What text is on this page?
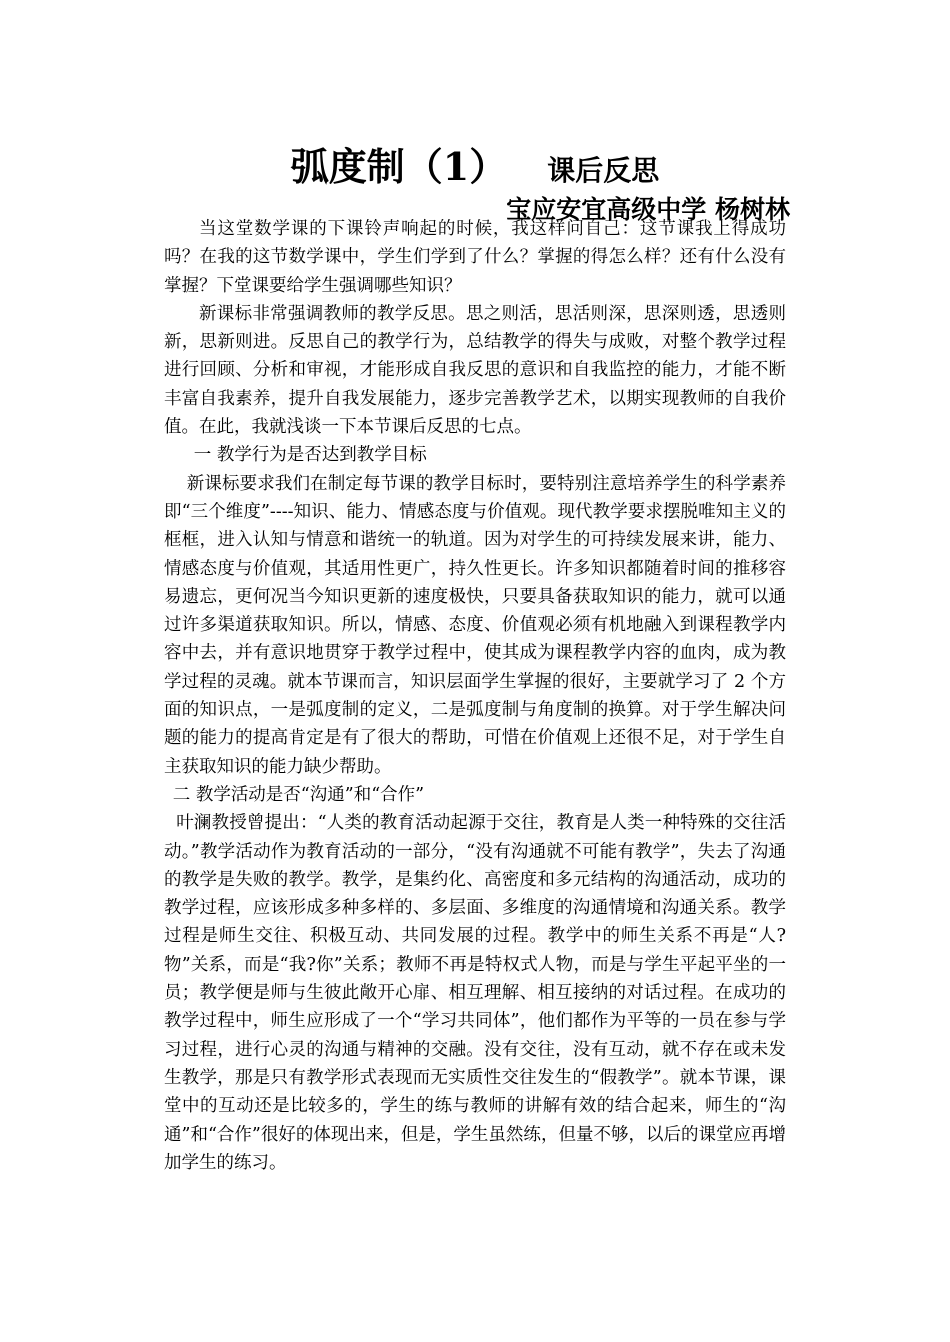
弧度制（1） 课后反思
宝应安宜高级中学 杨树林

当这堂数学课的下课铃声响起的时候，我这样问自己：这节课我上得成功吗？在我的这节数学课中，学生们学到了什么？掌握的得怎么样？还有什么没有掌握？下堂课要给学生强调哪些知识？

新课标非常强调教师的教学反思。思之则活，思活则深，思深则透，思透则新，思新则进。反思自己的教学行为，总结教学的得失与成败，对整个教学过程进行回顾、分析和审视，才能形成自我反思的意识和自我监控的能力，才能不断丰富自我素养，提升自我发展能力，逐步完善教学艺术，以期实现教师的自我价值。在此，我就浅谈一下本节课后反思的七点。

一 教学行为是否达到教学目标

新课标要求我们在制定每节课的教学目标时，要特别注意培养学生的科学素养即“三个维度”----知识、能力、情感态度与价值观。现代教学要求摆脱唯知主义的框框，进入认知与情意和谐统一的轨道。因为对学生的可持续发展来讲，能力、情感态度与价值观，其适用性更广，持久性更长。许多知识都随着时间的推移容易遗忘，更何况当今知识更新的速度极快，只要具备获取知识的能力，就可以通过许多渠道获取知识。所以，情感、态度、价值观必须有机地融入到课程教学内容中去，并有意识地贯穿于教学过程中，使其成为课程教学内容的血肉，成为教学过程的灵魂。就本节课而言，知识层面学生掌握的很好，主要就学习了 2 个方面的知识点，一是弧度制的定义，二是弧度制与角度制的换算。对于学生解决问题的能力的提高肯定是有了很大的帮助，可惜在价值观上还很不足，对于学生自主获取知识的能力缺少帮助。

二 教学活动是否“沟通”和“合作”

叶澜教授曾提出：“人类的教育活动起源于交往，教育是人类一种特殊的交往活动。”教学活动作为教育活动的一部分，“没有沟通就不可能有教学”，失去了沟通的教学是失败的教学。教学，是集约化、高密度和多元结构的沟通活动，成功的教学过程，应该形成多种多样的、多层面、多维度的沟通情境和沟通关系。教学过程是师生交往、积极互动、共同发展的过程。教学中的师生关系不再是“人?物”关系，而是“我?你”关系；教师不再是特权式人物，而是与学生平起平坐的一员；教学便是师与生彼此敞开心扉、相互理解、相互接纳的对话过程。在成功的教学过程中，师生应形成了一个“学习共同体”，他们都作为平等的一员在参与学习过程，进行心灵的沟通与精神的交融。没有交往，没有互动，就不存在或未发生教学，那是只有教学形式表现而无实质性交往发生的“假教学”。就本节课，课堂中的互动还是比较多的，学生的练与教师的讲解有效的结合起来，师生的“沟通”和“合作”很好的体现出来，但是，学生虽然练，但量不够，以后的课堂应再增加学生的练习。
